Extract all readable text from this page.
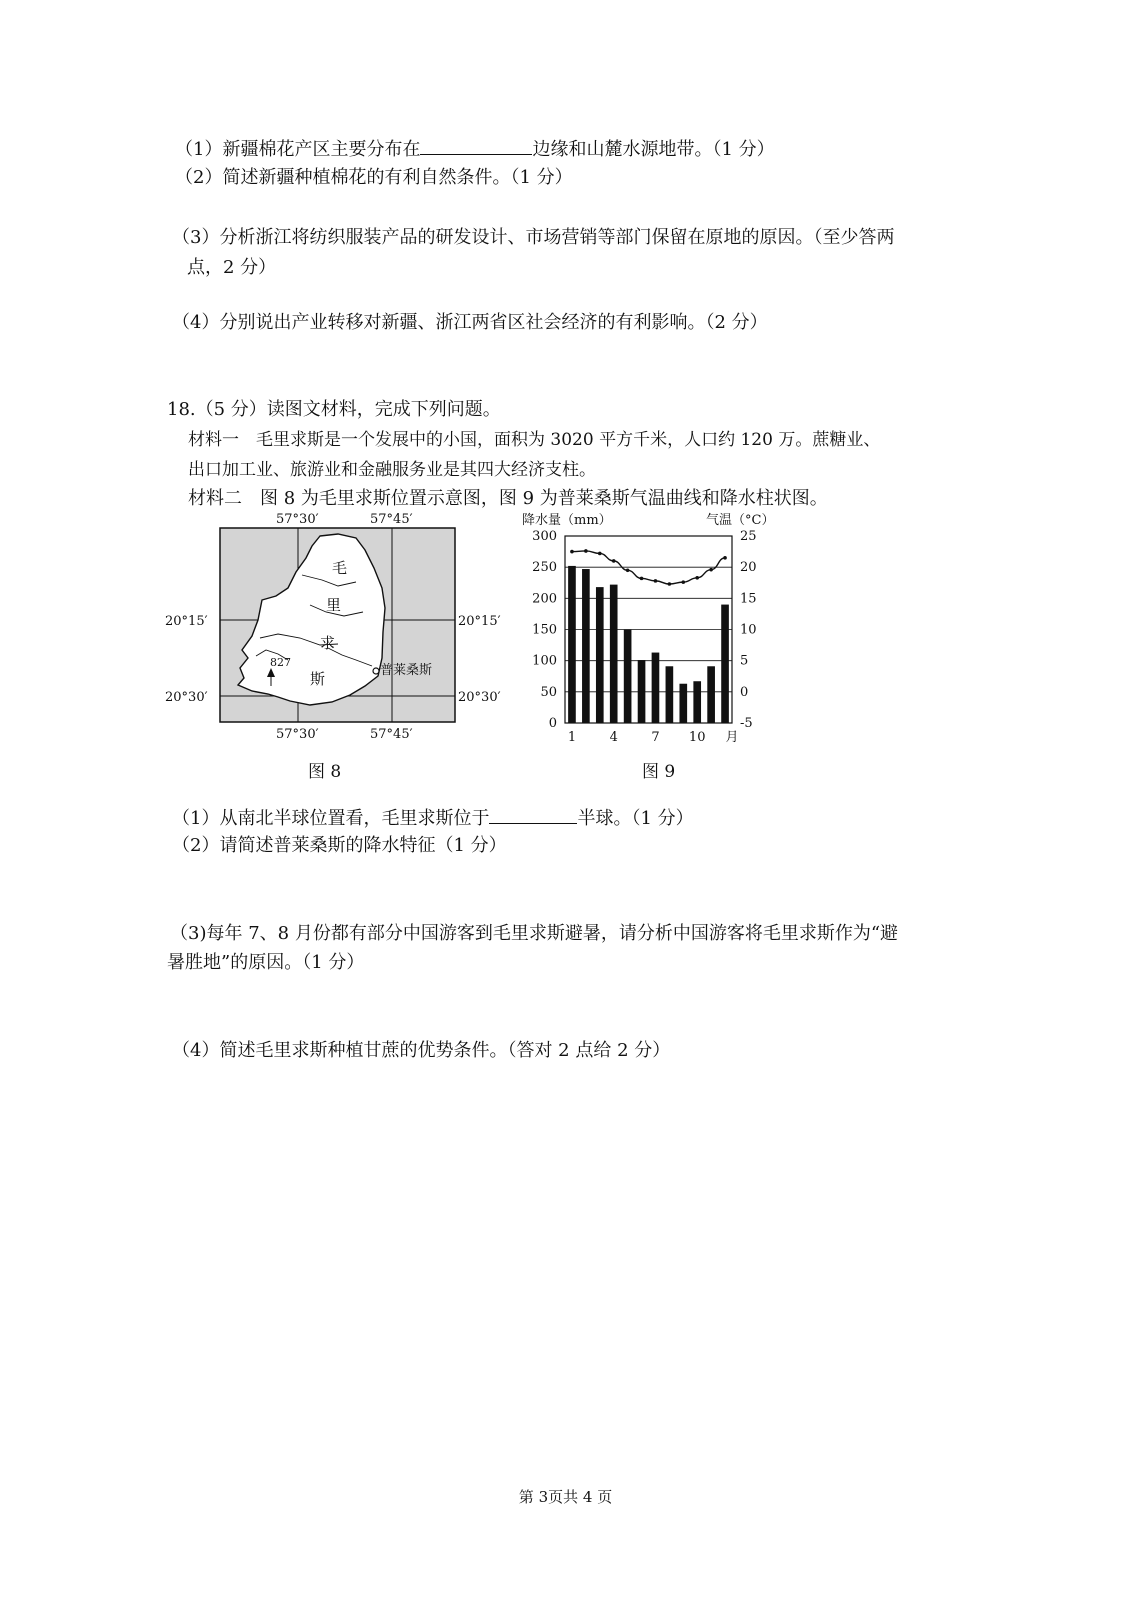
（1）新疆棉花产区主要分布在	边缘和山麓水源地带。（1 分）
（2）简述新疆种植棉花的有利自然条件。（1 分）
（3）分析浙江将纺织服装产品的研发设计、市场营销等部门保留在原地的原因。（至少答两
点，2 分）
（4）分别说出产业转移对新疆、浙江两省区社会经济的有利影响。（2 分）
18.（5 分）读图文材料，完成下列问题。
材料一　毛里求斯是一个发展中的小国，面积为 3020 平方千米，人口约 120 万。蔗糖业、
出口加工业、旅游业和金融服务业是其四大经济支柱。
材料二　图 8 为毛里求斯位置示意图，图 9 为普莱桑斯气温曲线和降水柱状图。
57°30′	57°45′
57°30′	57°45′
20°15′
20°30′
20°15′
20°30′
毛
里
求
斯
827
普莱桑斯
图 8
降水量（mm）	气温（°C）
0
50
100
150
200
250
300
-5
0
5
10
15
20
25
1	4	7 10 月
图 9
（1）从南北半球位置看，毛里求斯位于	半球。（1 分）
（2）请简述普莱桑斯的降水特征（1 分）
（3)每年 7、8 月份都有部分中国游客到毛里求斯避暑，请分析中国游客将毛里求斯作为“避
暑胜地”的原因。（1 分）
（4）简述毛里求斯种植甘蔗的优势条件。（答对 2 点给 2 分）
第 3页共 4 页
